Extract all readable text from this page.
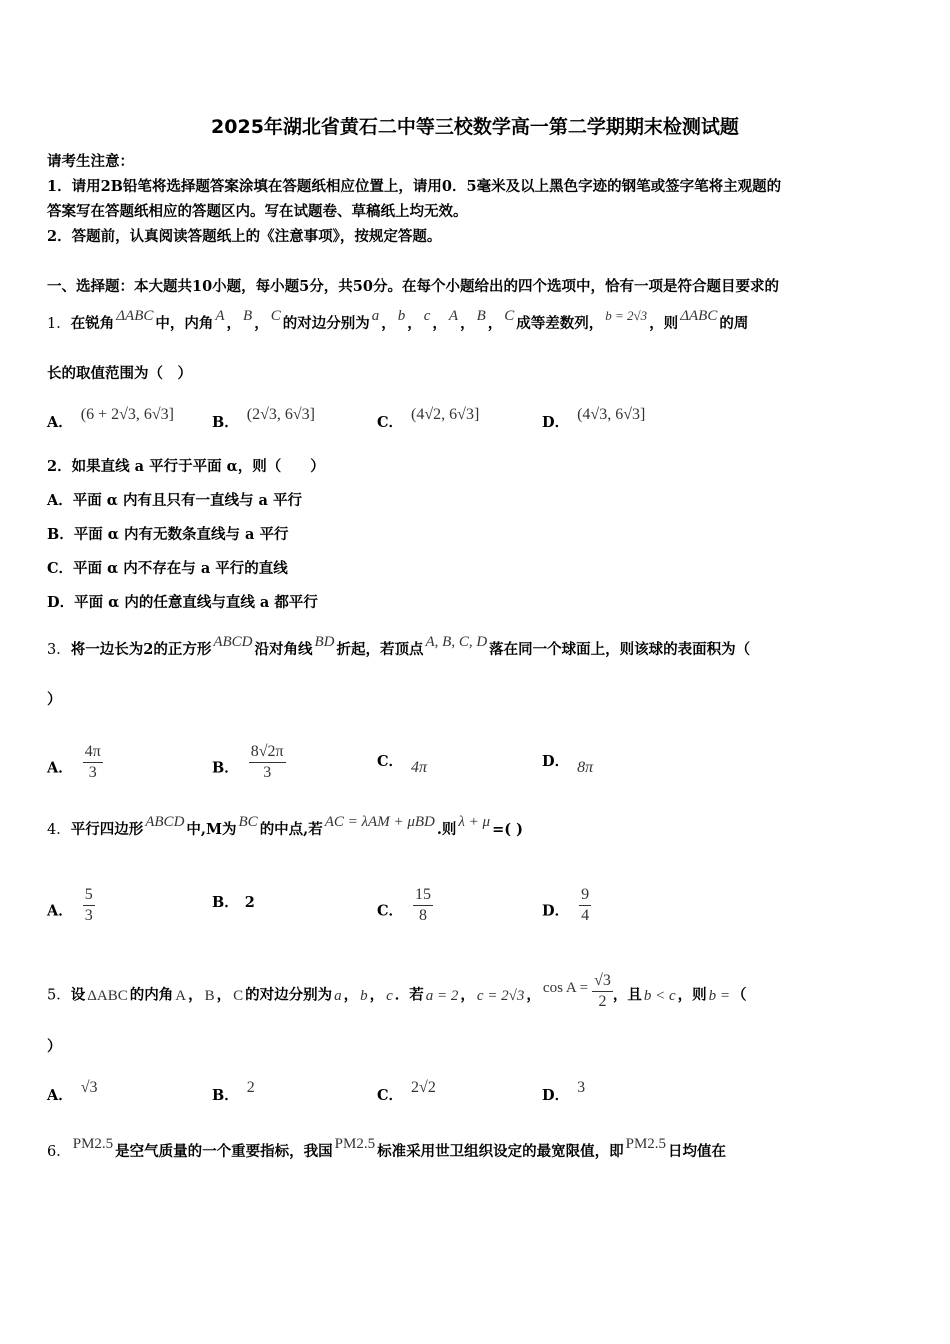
2025年湖北省黄石二中等三校数学高一第二学期期末检测试题
请考生注意：
1．请用2B铅笔将选择题答案涂填在答题纸相应位置上，请用0．5毫米及以上黑色字迹的钢笔或签字笔将主观题的
答案写在答题纸相应的答题区内。写在试题卷、草稿纸上均无效。
2．答题前，认真阅读答题纸上的《注意事项》，按规定答题。
一、选择题：本大题共10小题，每小题5分，共50分。在每个小题给出的四个选项中，恰有一项是符合题目要求的
1．在锐角 ΔABC 中，内角 A ， B ， C 的对边分别为 a ， b ， c ， A ， B ， C 成等差数列， b = 2√3 ，则 ΔABC 的周
长的取值范围为（　）
A． (6 + 2√3, 6√3]	B． (2√3, 6√3]	C． (4√2, 6√3]	D． (4√3, 6√3]
2．如果直线 a 平行于平面 α，则（　　）
A．平面 α 内有且只有一直线与 a 平行
B．平面 α 内有无数条直线与 a 平行
C．平面 α 内不存在与 a 平行的直线
D．平面 α 内的任意直线与直线 a 都平行
3．将一边长为2的正方形 ABCD 沿对角线 BD 折起，若顶点 A, B, C, D 落在同一个球面上，则该球的表面积为（
）
A． $\frac{4\pi}{3}$	B． $\frac{8√2\pi}{3}$	C． 4π	D． 8π
4．平行四边形 ABCD 中,M为 BC 的中点,若 AC = λAM + μBD .则 λ + μ =( )
A． $\frac{5}{3}$	B． 2	C． $\frac{15}{8}$	D． $\frac{9}{4}$
5．设 ΔABC 的内角 A ， B ， C 的对边分别为 a ， b ， c ．若 a = 2 ， c = 2√3 ， $\cos A = \frac{√3}{2}$ ，且 b < c ，则 b = （
）
A． √3	B． 2	C． 2√2	D． 3
6． PM2.5 是空气质量的一个重要指标，我国 PM2.5 标准采用世卫组织设定的最宽限值，即 PM2.5 日均值在
